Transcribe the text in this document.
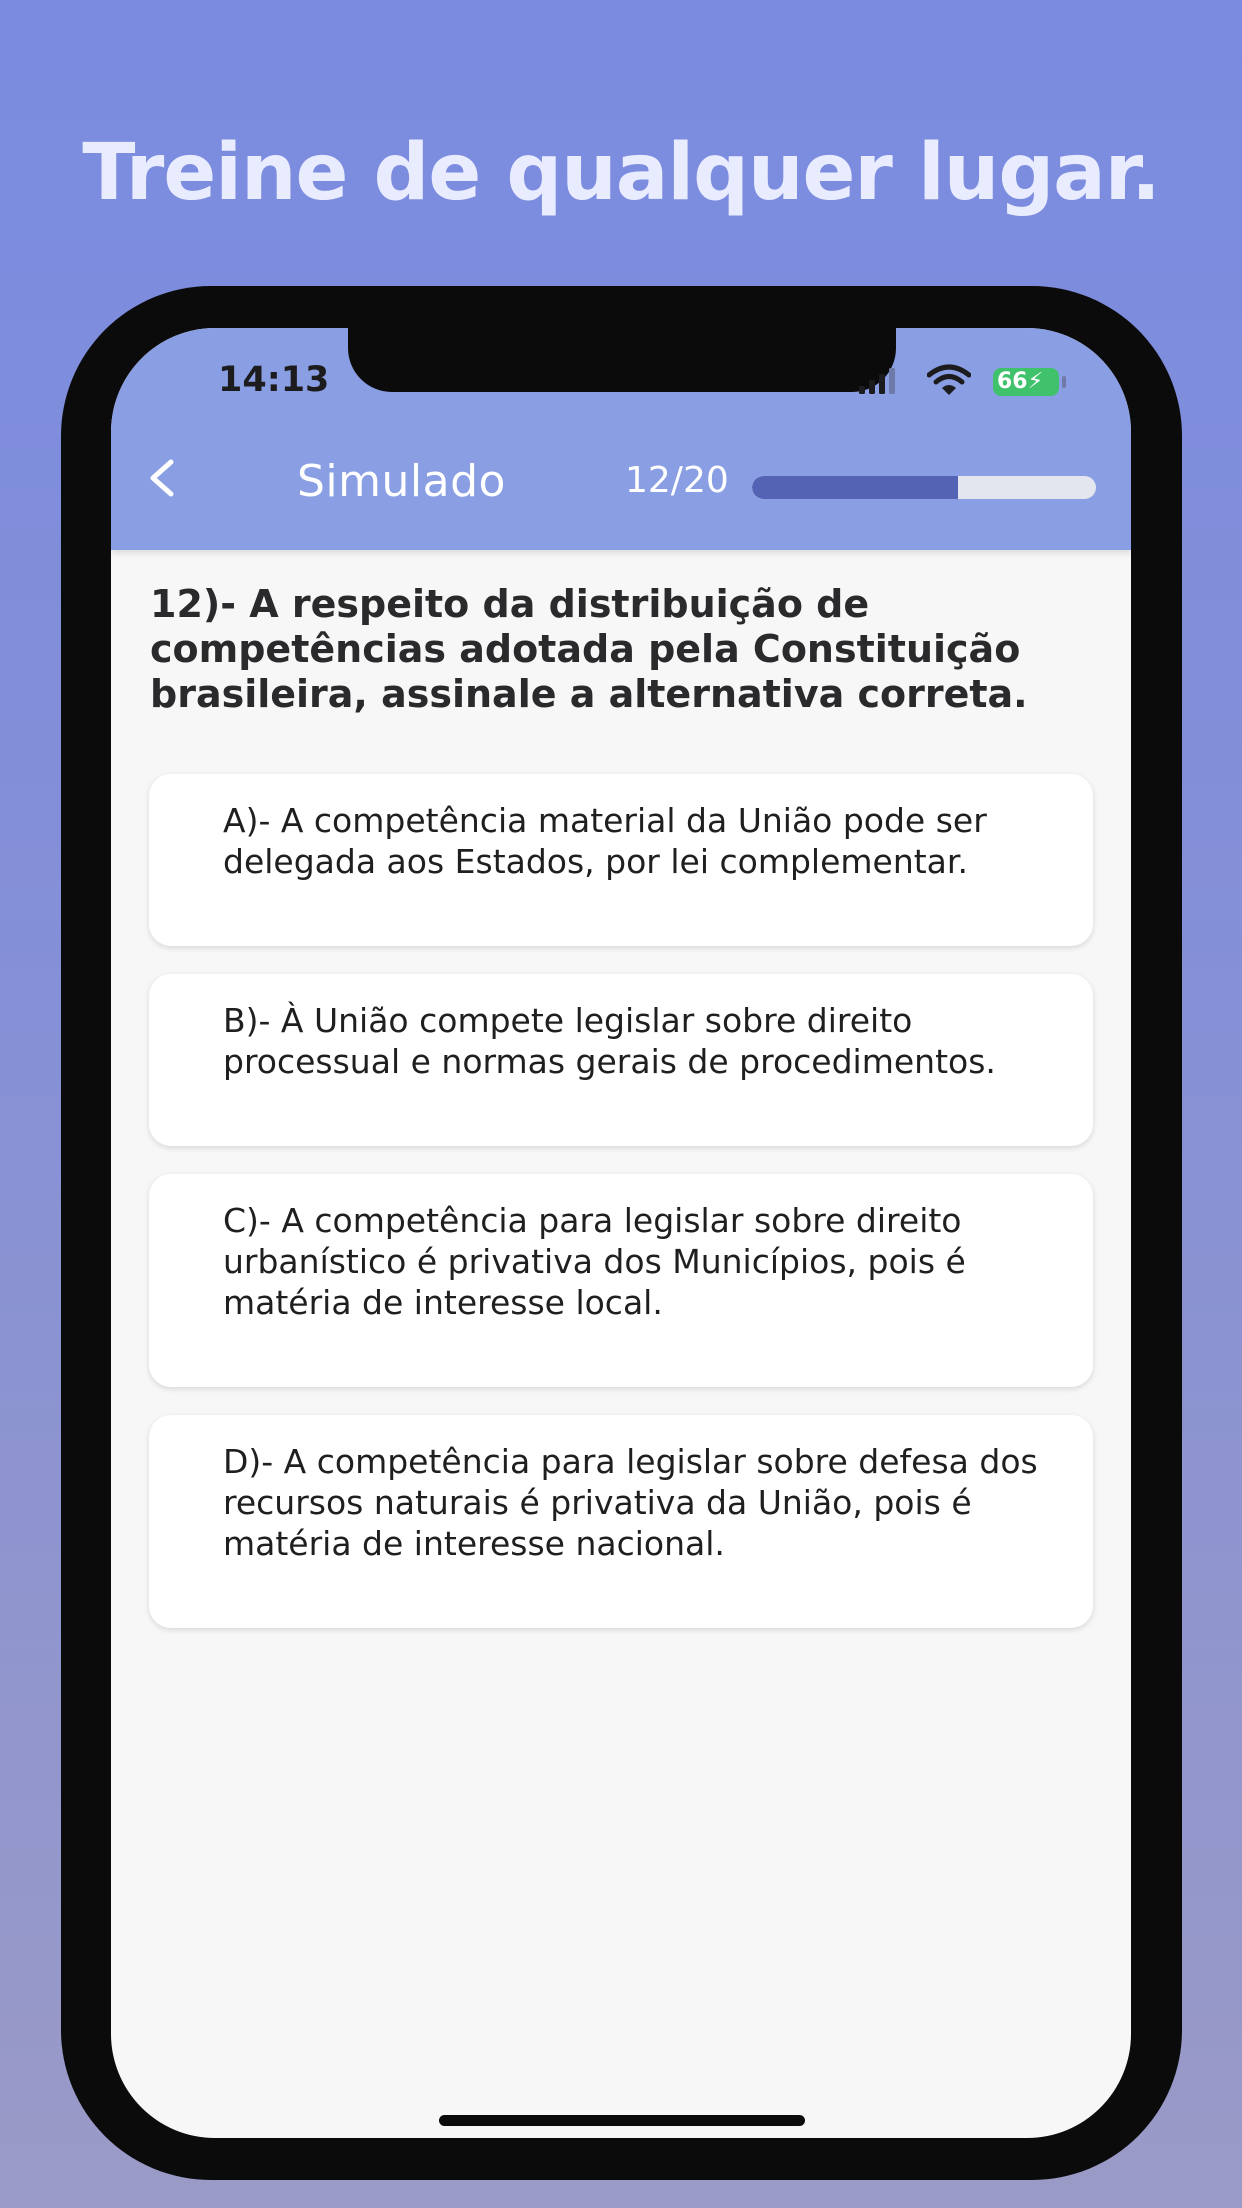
Treine de qualquer lugar.
14:13	66⚡
Simulado	12/20
12)- A respeito da distribuição de competências adotada pela Constituição brasileira, assinale a alternativa correta.
A)- A competência material da União pode ser delegada aos Estados, por lei complementar.
B)- À União compete legislar sobre direito processual e normas gerais de procedimentos.
C)- A competência para legislar sobre direito urbanístico é privativa dos Municípios, pois é matéria de interesse local.
D)- A competência para legislar sobre defesa dos recursos naturais é privativa da União, pois é matéria de interesse nacional.
